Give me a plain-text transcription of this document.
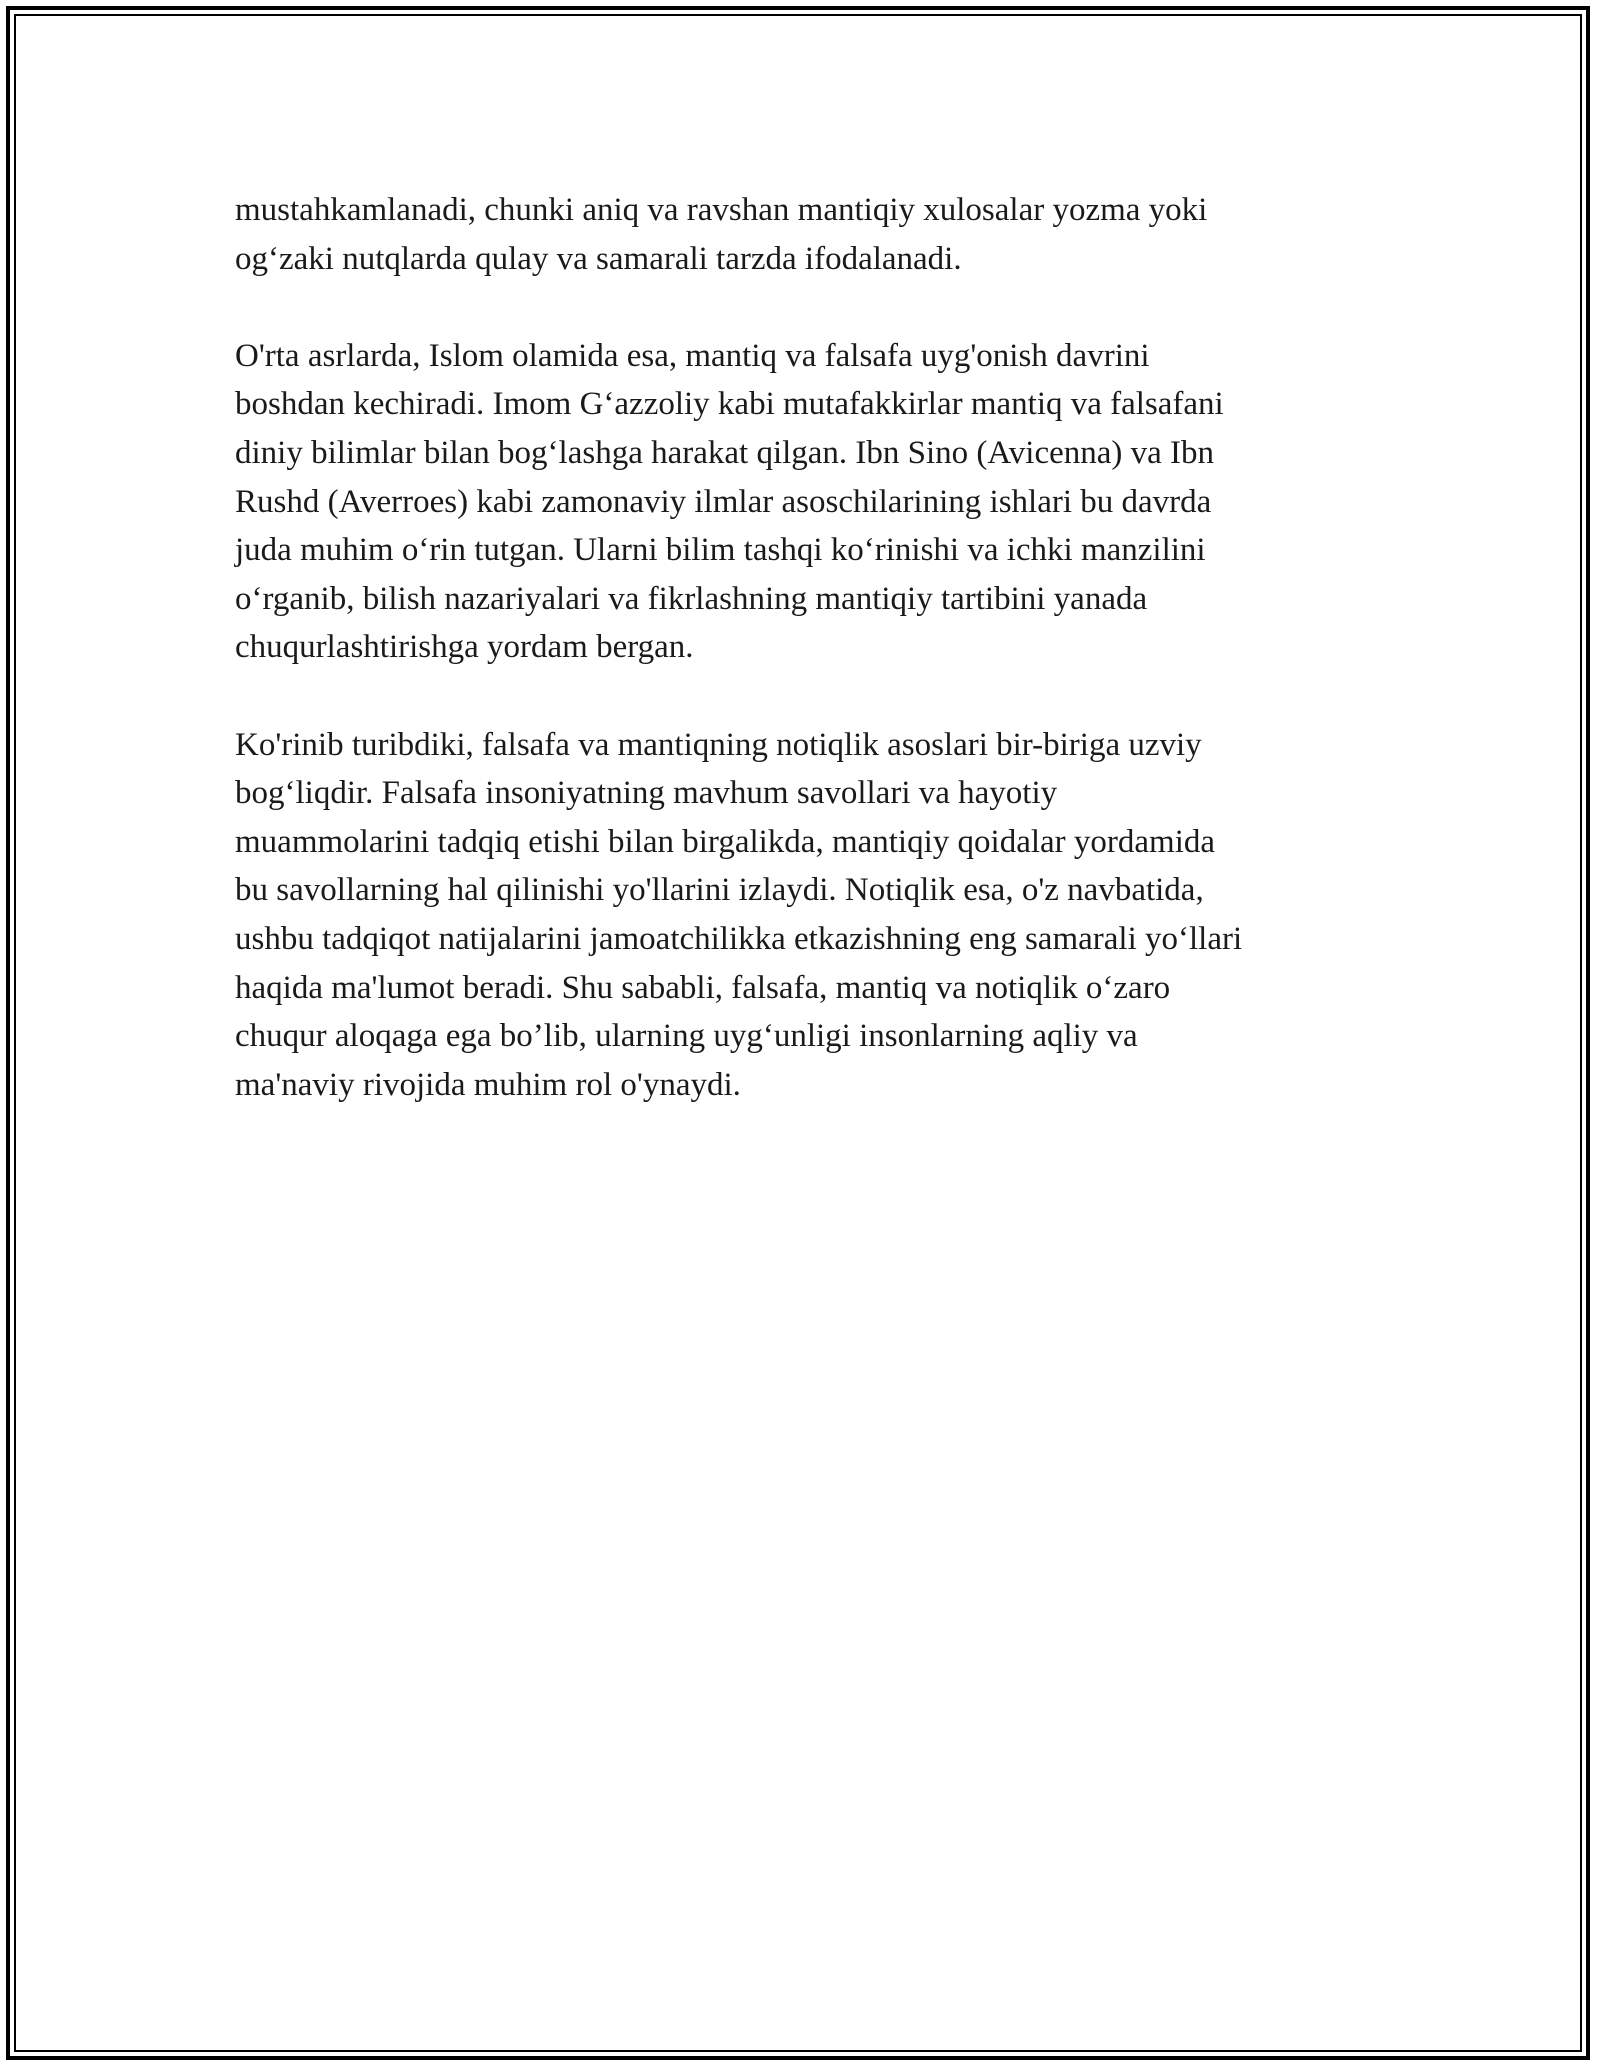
mustahkamlanadi, chunki aniq va ravshan mantiqiy xulosalar yozma yoki
og‘zaki nutqlarda qulay va samarali tarzda ifodalanadi.
O'rta asrlarda, Islom olamida esa, mantiq va falsafa uyg'onish davrini
boshdan kechiradi. Imom G‘azzoliy kabi mutafakkirlar mantiq va falsafani
diniy bilimlar bilan bog‘lashga harakat qilgan. Ibn Sino (Avicenna) va Ibn
Rushd (Averroes) kabi zamonaviy ilmlar asoschilarining ishlari bu davrda
juda muhim o‘rin tutgan. Ularni bilim tashqi ko‘rinishi va ichki manzilini
o‘rganib, bilish nazariyalari va fikrlashning mantiqiy tartibini yanada
chuqurlashtirishga yordam bergan.
Ko'rinib turibdiki, falsafa va mantiqning notiqlik asoslari bir-biriga uzviy
bog‘liqdir. Falsafa insoniyatning mavhum savollari va hayotiy
muammolarini tadqiq etishi bilan birgalikda, mantiqiy qoidalar yordamida
bu savollarning hal qilinishi yo'llarini izlaydi. Notiqlik esa, o'z navbatida,
ushbu tadqiqot natijalarini jamoatchilikka etkazishning eng samarali yo‘llari
haqida ma'lumot beradi. Shu sababli, falsafa, mantiq va notiqlik o‘zaro
chuqur aloqaga ega bo’lib, ularning uyg‘unligi insonlarning aqliy va
ma'naviy rivojida muhim rol o'ynaydi.
